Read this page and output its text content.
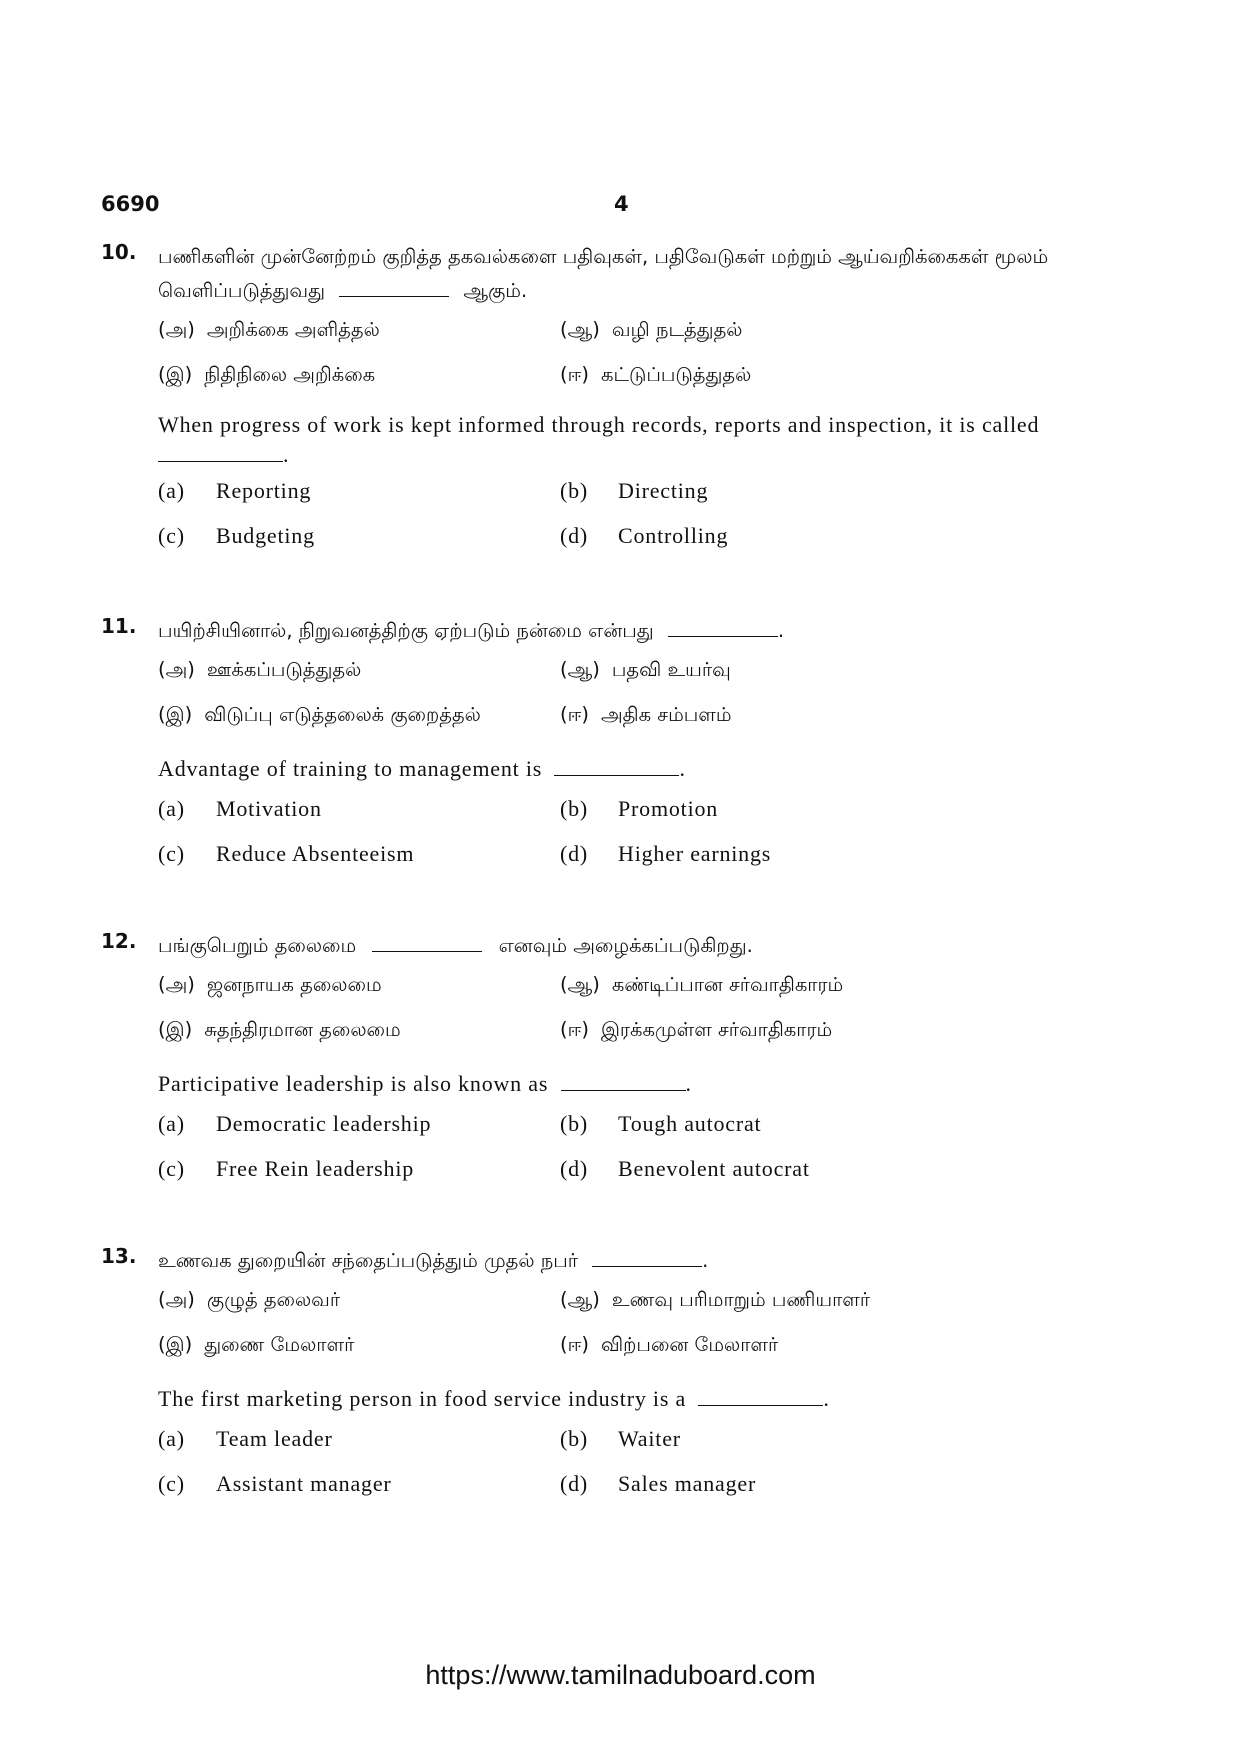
6690	4
10. பணிகளின் முன்னேற்றம் குறித்த தகவல்களை பதிவுகள், பதிவேடுகள் மற்றும் ஆய்வறிக்கைகள் மூலம் வெளிப்படுத்துவது	ஆகும்.
(அ) அறிக்கை அளித்தல்	(ஆ) வழி நடத்துதல்
(இ) நிதிநிலை அறிக்கை	(ஈ) கட்டுப்படுத்துதல்
When progress of work is kept informed through records, reports and inspection, it is called .
(a) Reporting	(b) Directing
(c) Budgeting	(d) Controlling
11. பயிற்சியினால், நிறுவனத்திற்கு ஏற்படும் நன்மை என்பது	.
(அ) ஊக்கப்படுத்துதல்	(ஆ) பதவி உயர்வு
(இ) விடுப்பு எடுத்தலைக் குறைத்தல்	(ஈ) அதிக சம்பளம்
Advantage of training to management is	.
(a) Motivation	(b) Promotion
(c) Reduce Absenteeism	(d) Higher earnings
12. பங்குபெறும் தலைமை	எனவும் அழைக்கப்படுகிறது.
(அ) ஜனநாயக தலைமை	(ஆ) கண்டிப்பான சர்வாதிகாரம்
(இ) சுதந்திரமான தலைமை	(ஈ) இரக்கமுள்ள சர்வாதிகாரம்
Participative leadership is also known as	.
(a) Democratic leadership	(b) Tough autocrat
(c) Free Rein leadership	(d) Benevolent autocrat
13. உணவக துறையின் சந்தைப்படுத்தும் முதல் நபர்	.
(அ) குழுத் தலைவர்	(ஆ) உணவு பரிமாறும் பணியாளர்
(இ) துணை மேலாளர்	(ஈ) விற்பனை மேலாளர்
The first marketing person in food service industry is a	.
(a) Team leader	(b) Waiter
(c) Assistant manager	(d) Sales manager
https://www.tamilnaduboard.com
